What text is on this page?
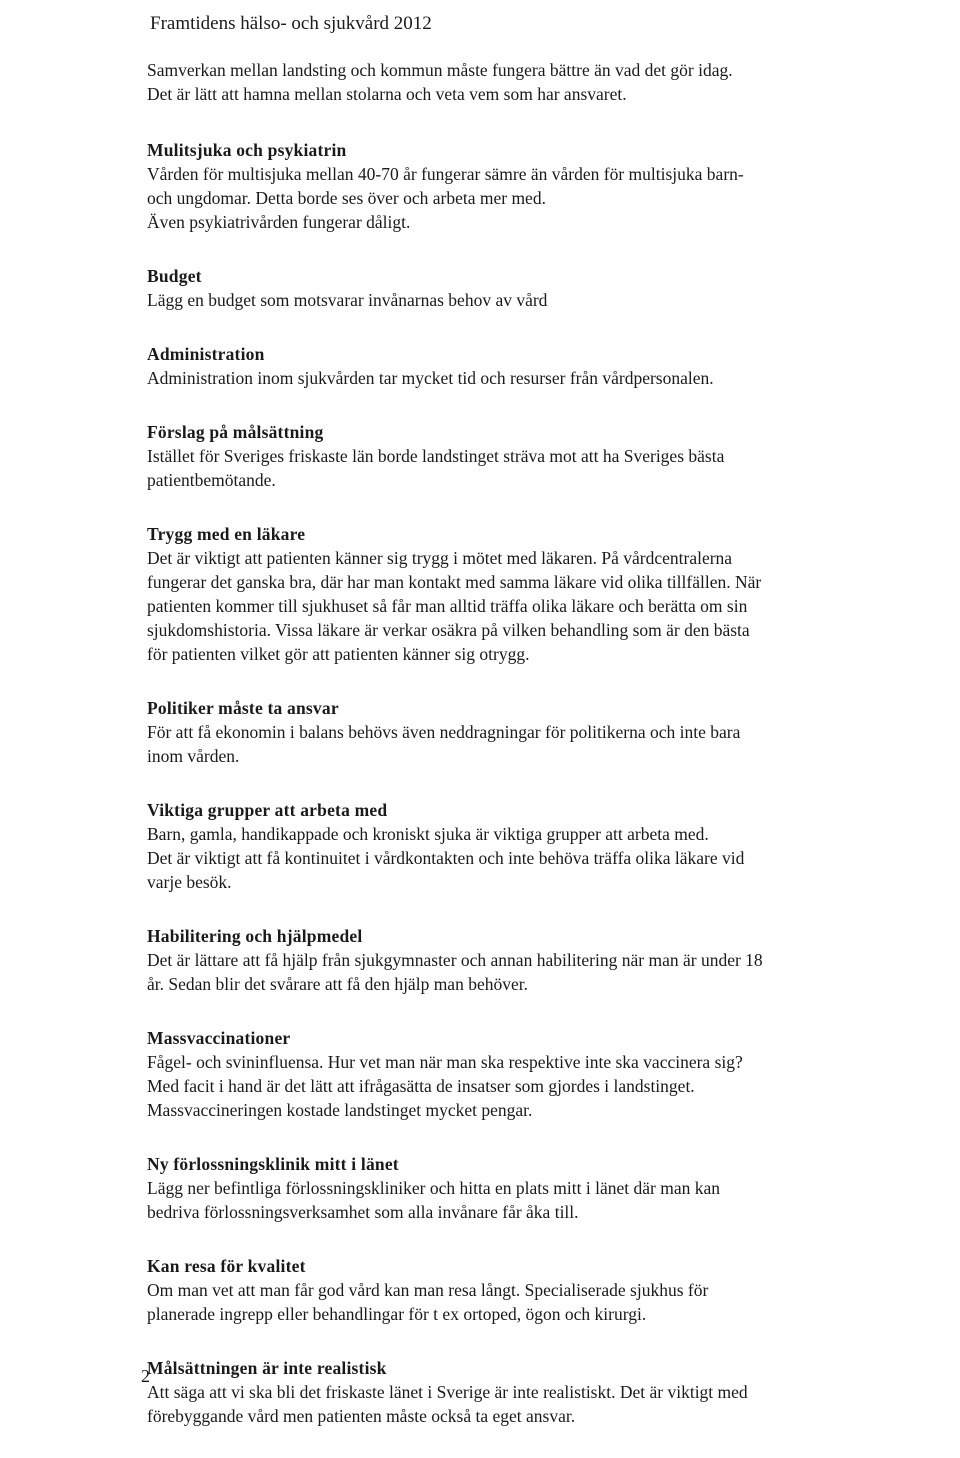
Framtidens hälso- och sjukvård 2012

Samverkan mellan landsting och kommun måste fungera bättre än vad det gör idag.
Det är lätt att hamna mellan stolarna och veta vem som har ansvaret.

Mulitsjuka och psykiatrin

Vården för multisjuka mellan 40-70 år fungerar sämre än vården för multisjuka barn-
och ungdomar. Detta borde ses över och arbeta mer med.
Även psykiatrivården fungerar dåligt.

Budget

Lägg en budget som motsvarar invånarnas behov av vård

Administration

Administration inom sjukvården tar mycket tid och resurser från vårdpersonalen.

Förslag på målsättning

Istället för Sveriges friskaste län borde landstinget sträva mot att ha Sveriges bästa
patientbemötande.

Trygg med en läkare

Det är viktigt att patienten känner sig trygg i mötet med läkaren. På vårdcentralerna
fungerar det ganska bra, där har man kontakt med samma läkare vid olika tillfällen. När
patienten kommer till sjukhuset så får man alltid träffa olika läkare och berätta om sin
sjukdomshistoria. Vissa läkare är verkar osäkra på vilken behandling som är den bästa
för patienten vilket gör att patienten känner sig otrygg.

Politiker måste ta ansvar

För att få ekonomin i balans behövs även neddragningar för politikerna och inte bara
inom vården.

Viktiga grupper att arbeta med

Barn, gamla, handikappade och kroniskt sjuka är viktiga grupper att arbeta med.
Det är viktigt att få kontinuitet i vårdkontakten och inte behöva träffa olika läkare vid
varje besök.

Habilitering och hjälpmedel

Det är lättare att få hjälp från sjukgymnaster och annan habilitering när man är under 18
år. Sedan blir det svårare att få den hjälp man behöver.

Massvaccinationer

Fågel- och svininfluensa. Hur vet man när man ska respektive inte ska vaccinera sig?
Med facit i hand är det lätt att ifrågasätta de insatser som gjordes i landstinget.
Massvaccineringen kostade landstinget mycket pengar.

Ny förlossningsklinik mitt i länet

Lägg ner befintliga förlossningskliniker och hitta en plats mitt i länet där man kan
bedriva förlossningsverksamhet som alla invånare får åka till.

Kan resa för kvalitet

Om man vet att man får god vård kan man resa långt. Specialiserade sjukhus för
planerade ingrepp eller behandlingar för t ex ortoped, ögon och kirurgi.

Målsättningen är inte realistisk

Att säga att vi ska bli det friskaste länet i Sverige är inte realistiskt. Det är viktigt med
förebyggande vård men patienten måste också ta eget ansvar.

2
